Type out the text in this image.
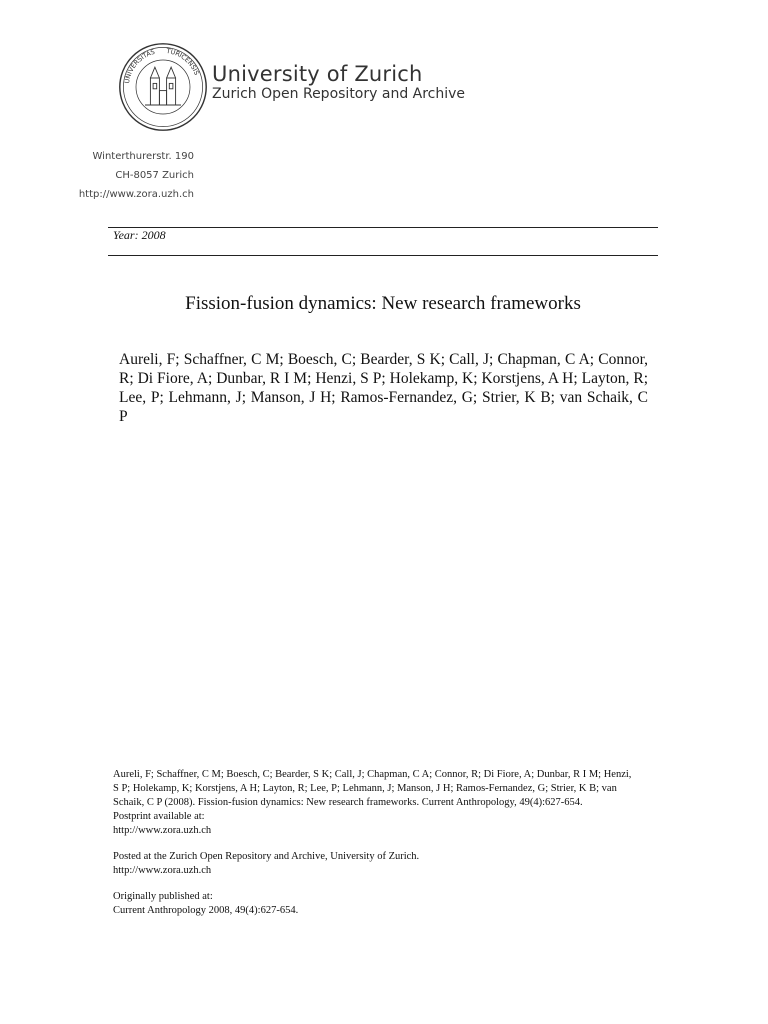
UNIVERSITAS TURICENSIS University of Zurich
Zurich Open Repository and Archive
Winterthurerstr. 190
CH-8057 Zurich
http://www.zora.uzh.ch
Year: 2008
Fission-fusion dynamics: New research frameworks
Aureli, F; Schaffner, C M; Boesch, C; Bearder, S K; Call, J; Chapman, C A; Connor, R; Di Fiore, A; Dunbar, R I M; Henzi, S P; Holekamp, K; Korstjens, A H; Layton, R; Lee, P; Lehmann, J; Manson, J H; Ramos-Fernandez, G; Strier, K B; van Schaik, C P

Aureli, F; Schaffner, C M; Boesch, C; Bearder, S K; Call, J; Chapman, C A; Connor, R; Di Fiore, A; Dunbar, R I M; Henzi, S P; Holekamp, K; Korstjens, A H; Layton, R; Lee, P; Lehmann, J; Manson, J H; Ramos-Fernandez, G; Strier, K B; van Schaik, C P (2008). Fission-fusion dynamics: New research frameworks. Current Anthropology, 49(4):627-654.

Postprint available at:

http://www.zora.uzh.ch

Posted at the Zurich Open Repository and Archive, University of Zurich.

http://www.zora.uzh.ch

Originally published at:

Current Anthropology 2008, 49(4):627-654.
